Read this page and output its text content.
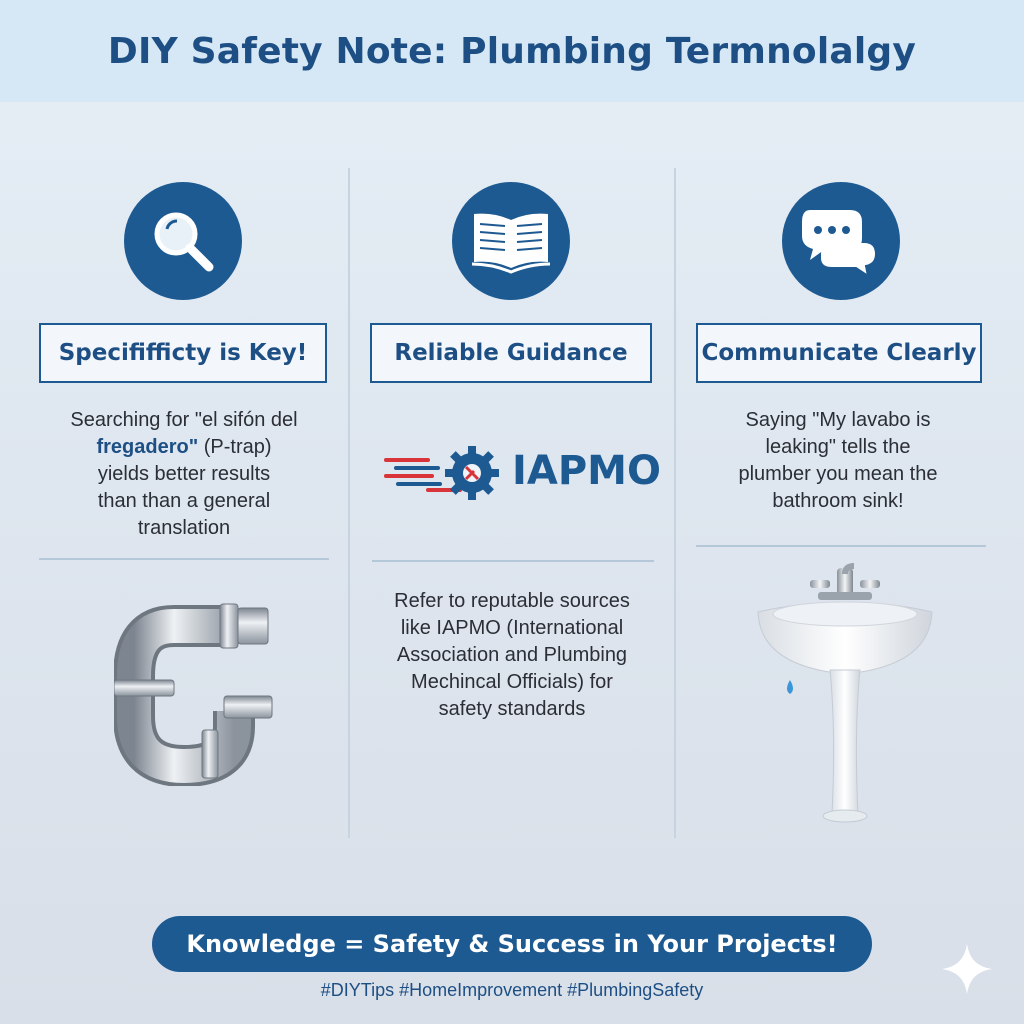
DIY Safety Note: Plumbing Termnolalgy
Specififficty is Key!
Searching for "el sifón del
fregadero" (P-trap)
yields better results
than than a general
translation
Reliable Guidance
Refer to reputable sources
like IAPMO (International
Association and Plumbing
Mechincal Officials) for
safety standards
IAPMO
Communicate Clearly
Saying "My lavabo is
leaking" tells the
plumber you mean the
bathroom sink!
Knowledge = Safety & Success in Your Projects!
#DIYTips #HomeImprovement #PlumbingSafety
